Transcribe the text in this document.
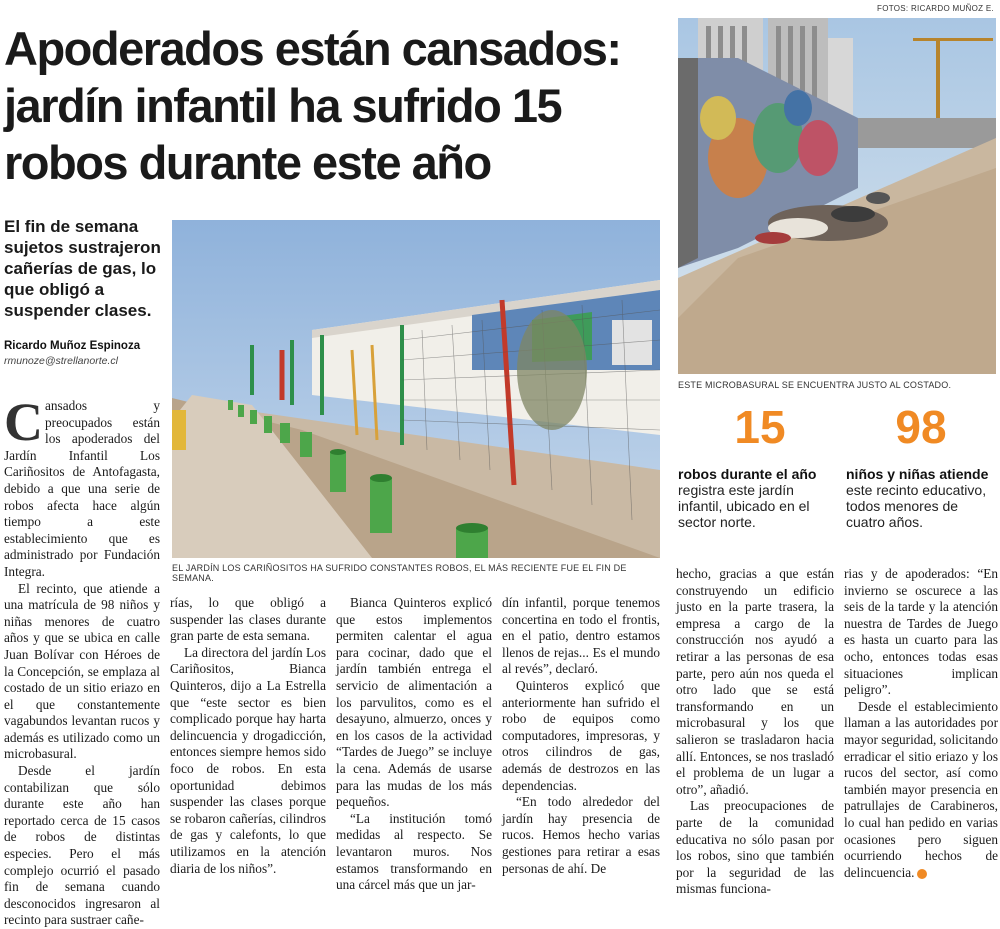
FOTOS: RICARDO MUÑOZ E.
Apoderados están cansados: jardín infantil ha sufrido 15 robos durante este año
ESTE MICROBASURAL SE ENCUENTRA JUSTO AL COSTADO.
El fin de semana sujetos sustrajeron cañerías de gas, lo que obligó a suspender clases.
Ricardo Muñoz Espinoza
rmunoze@strellanorte.cl
EL JARDÍN LOS CARIÑOSITOS HA SUFRIDO CONSTANTES ROBOS, EL MÁS RECIENTE FUE EL FIN DE SEMANA.
15
robos durante el año
registra este jardín infantil, ubicado en el sector norte.
98
niños y niñas atiende
este recinto educativo, todos menores de cuatro años.

Cansados y preocupados están los apoderados del Jardín Infantil Los Cariñositos de Antofagasta, debido a que una serie de robos afecta hace algún tiempo a este establecimiento que es administrado por Fundación Integra.

El recinto, que atiende a una matrícula de 98 niños y niñas menores de cuatro años y que se ubica en calle Juan Bolívar con Héroes de la Concepción, se emplaza al costado de un sitio eriazo en el que constantemente vagabundos levantan rucos y además es utilizado como un microbasural.

Desde el jardín contabilizan que sólo durante este año han reportado cerca de 15 casos de robos de distintas especies. Pero el más complejo ocurrió el pasado fin de semana cuando desconocidos ingresaron al recinto para sustraer cañe-

rías, lo que obligó a suspender las clases durante gran parte de esta semana.

La directora del jardín Los Cariñositos, Bianca Quinteros, dijo a La Estrella que “este sector es bien complicado porque hay harta delincuencia y drogadicción, entonces siempre hemos sido foco de robos. En esta oportunidad debimos suspender las clases porque se robaron cañerías, cilindros de gas y calefonts, lo que utilizamos en la atención diaria de los niños”.

Bianca Quinteros explicó que estos implementos permiten calentar el agua para cocinar, dado que el jardín también entrega el servicio de alimentación a los parvulitos, como es el desayuno, almuerzo, onces y en los casos de la actividad “Tardes de Juego” se incluye la cena. Además de usarse para las mudas de los más pequeños.

“La institución tomó medidas al respecto. Se levantaron muros. Nos estamos transformando en una cárcel más que un jar-

dín infantil, porque tenemos concertina en todo el frontis, en el patio, dentro estamos llenos de rejas... Es el mundo al revés”, declaró.

Quinteros explicó que anteriormente han sufrido el robo de equipos como computadores, impresoras, y otros cilindros de gas, además de destrozos en las dependencias.

“En todo alrededor del jardín hay presencia de rucos. Hemos hecho varias gestiones para retirar a esas personas de ahí. De

hecho, gracias a que están construyendo un edificio justo en la parte trasera, la empresa a cargo de la construcción nos ayudó a retirar a las personas de esa parte, pero aún nos queda el otro lado que se está transformando en un microbasural y los que salieron se trasladaron hacia allí. Entonces, se nos trasladó el problema de un lugar a otro”, añadió.

Las preocupaciones de parte de la comunidad educativa no sólo pasan por los robos, sino que también por la seguridad de las mismas funciona-

rias y de apoderados: “En invierno se oscurece a las seis de la tarde y la atención nuestra de Tardes de Juego es hasta un cuarto para las ocho, entonces todas esas situaciones implican peligro”.

Desde el establecimiento llaman a las autoridades por mayor seguridad, solicitando erradicar el sitio eriazo y los rucos del sector, así como también mayor presencia en patrullajes de Carabineros, lo cual han pedido en varias ocasiones pero siguen ocurriendo hechos de delincuencia.
